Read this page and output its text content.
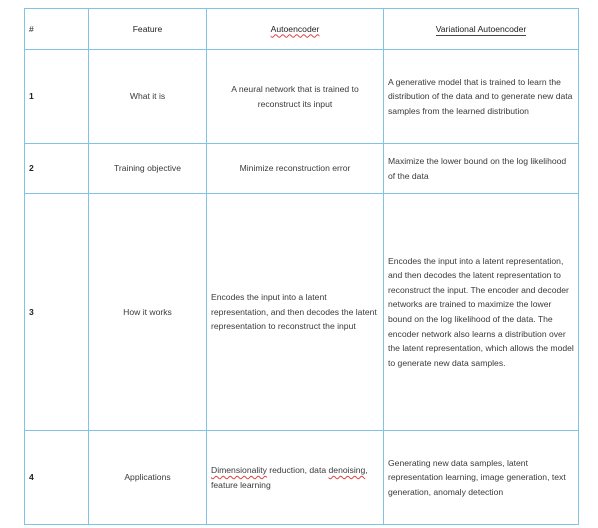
#	Feature	Autoencoder	Variational Autoencoder
1	What it is	A neural network that is trained to reconstruct its input	A generative model that is trained to learn the distribution of the data and to generate new data samples from the learned distribution
2	Training objective	Minimize reconstruction error	Maximize the lower bound on the log likelihood of the data
3	How it works	Encodes the input into a latent representation, and then decodes the latent representation to reconstruct the input	Encodes the input into a latent representation, and then decodes the latent representation to reconstruct the input. The encoder and decoder networks are trained to maximize the lower bound on the log likelihood of the data. The encoder network also learns a distribution over the latent representation, which allows the model to generate new data samples.
4	Applications	Dimensionality reduction, data denoising, feature learning	Generating new data samples, latent representation learning, image generation, text generation, anomaly detection
